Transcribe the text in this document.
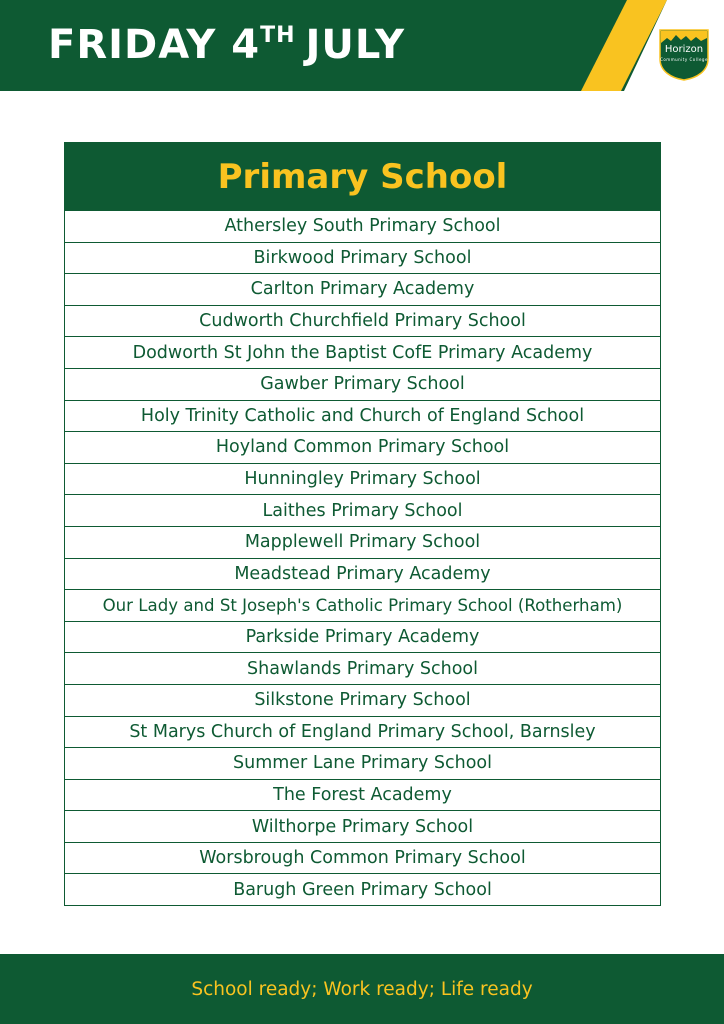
FRIDAY 4TH JULY	Horizon
Community College
Primary School
Athersley South Primary School
Birkwood Primary School
Carlton Primary Academy
Cudworth Churchfield Primary School
Dodworth St John the Baptist CofE Primary Academy
Gawber Primary School
Holy Trinity Catholic and Church of England School
Hoyland Common Primary School
Hunningley Primary School
Laithes Primary School
Mapplewell Primary School
Meadstead Primary Academy
Our Lady and St Joseph's Catholic Primary School (Rotherham)
Parkside Primary Academy
Shawlands Primary School
Silkstone Primary School
St Marys Church of England Primary School, Barnsley
Summer Lane Primary School
The Forest Academy
Wilthorpe Primary School
Worsbrough Common Primary School
Barugh Green Primary School
School ready; Work ready; Life ready
